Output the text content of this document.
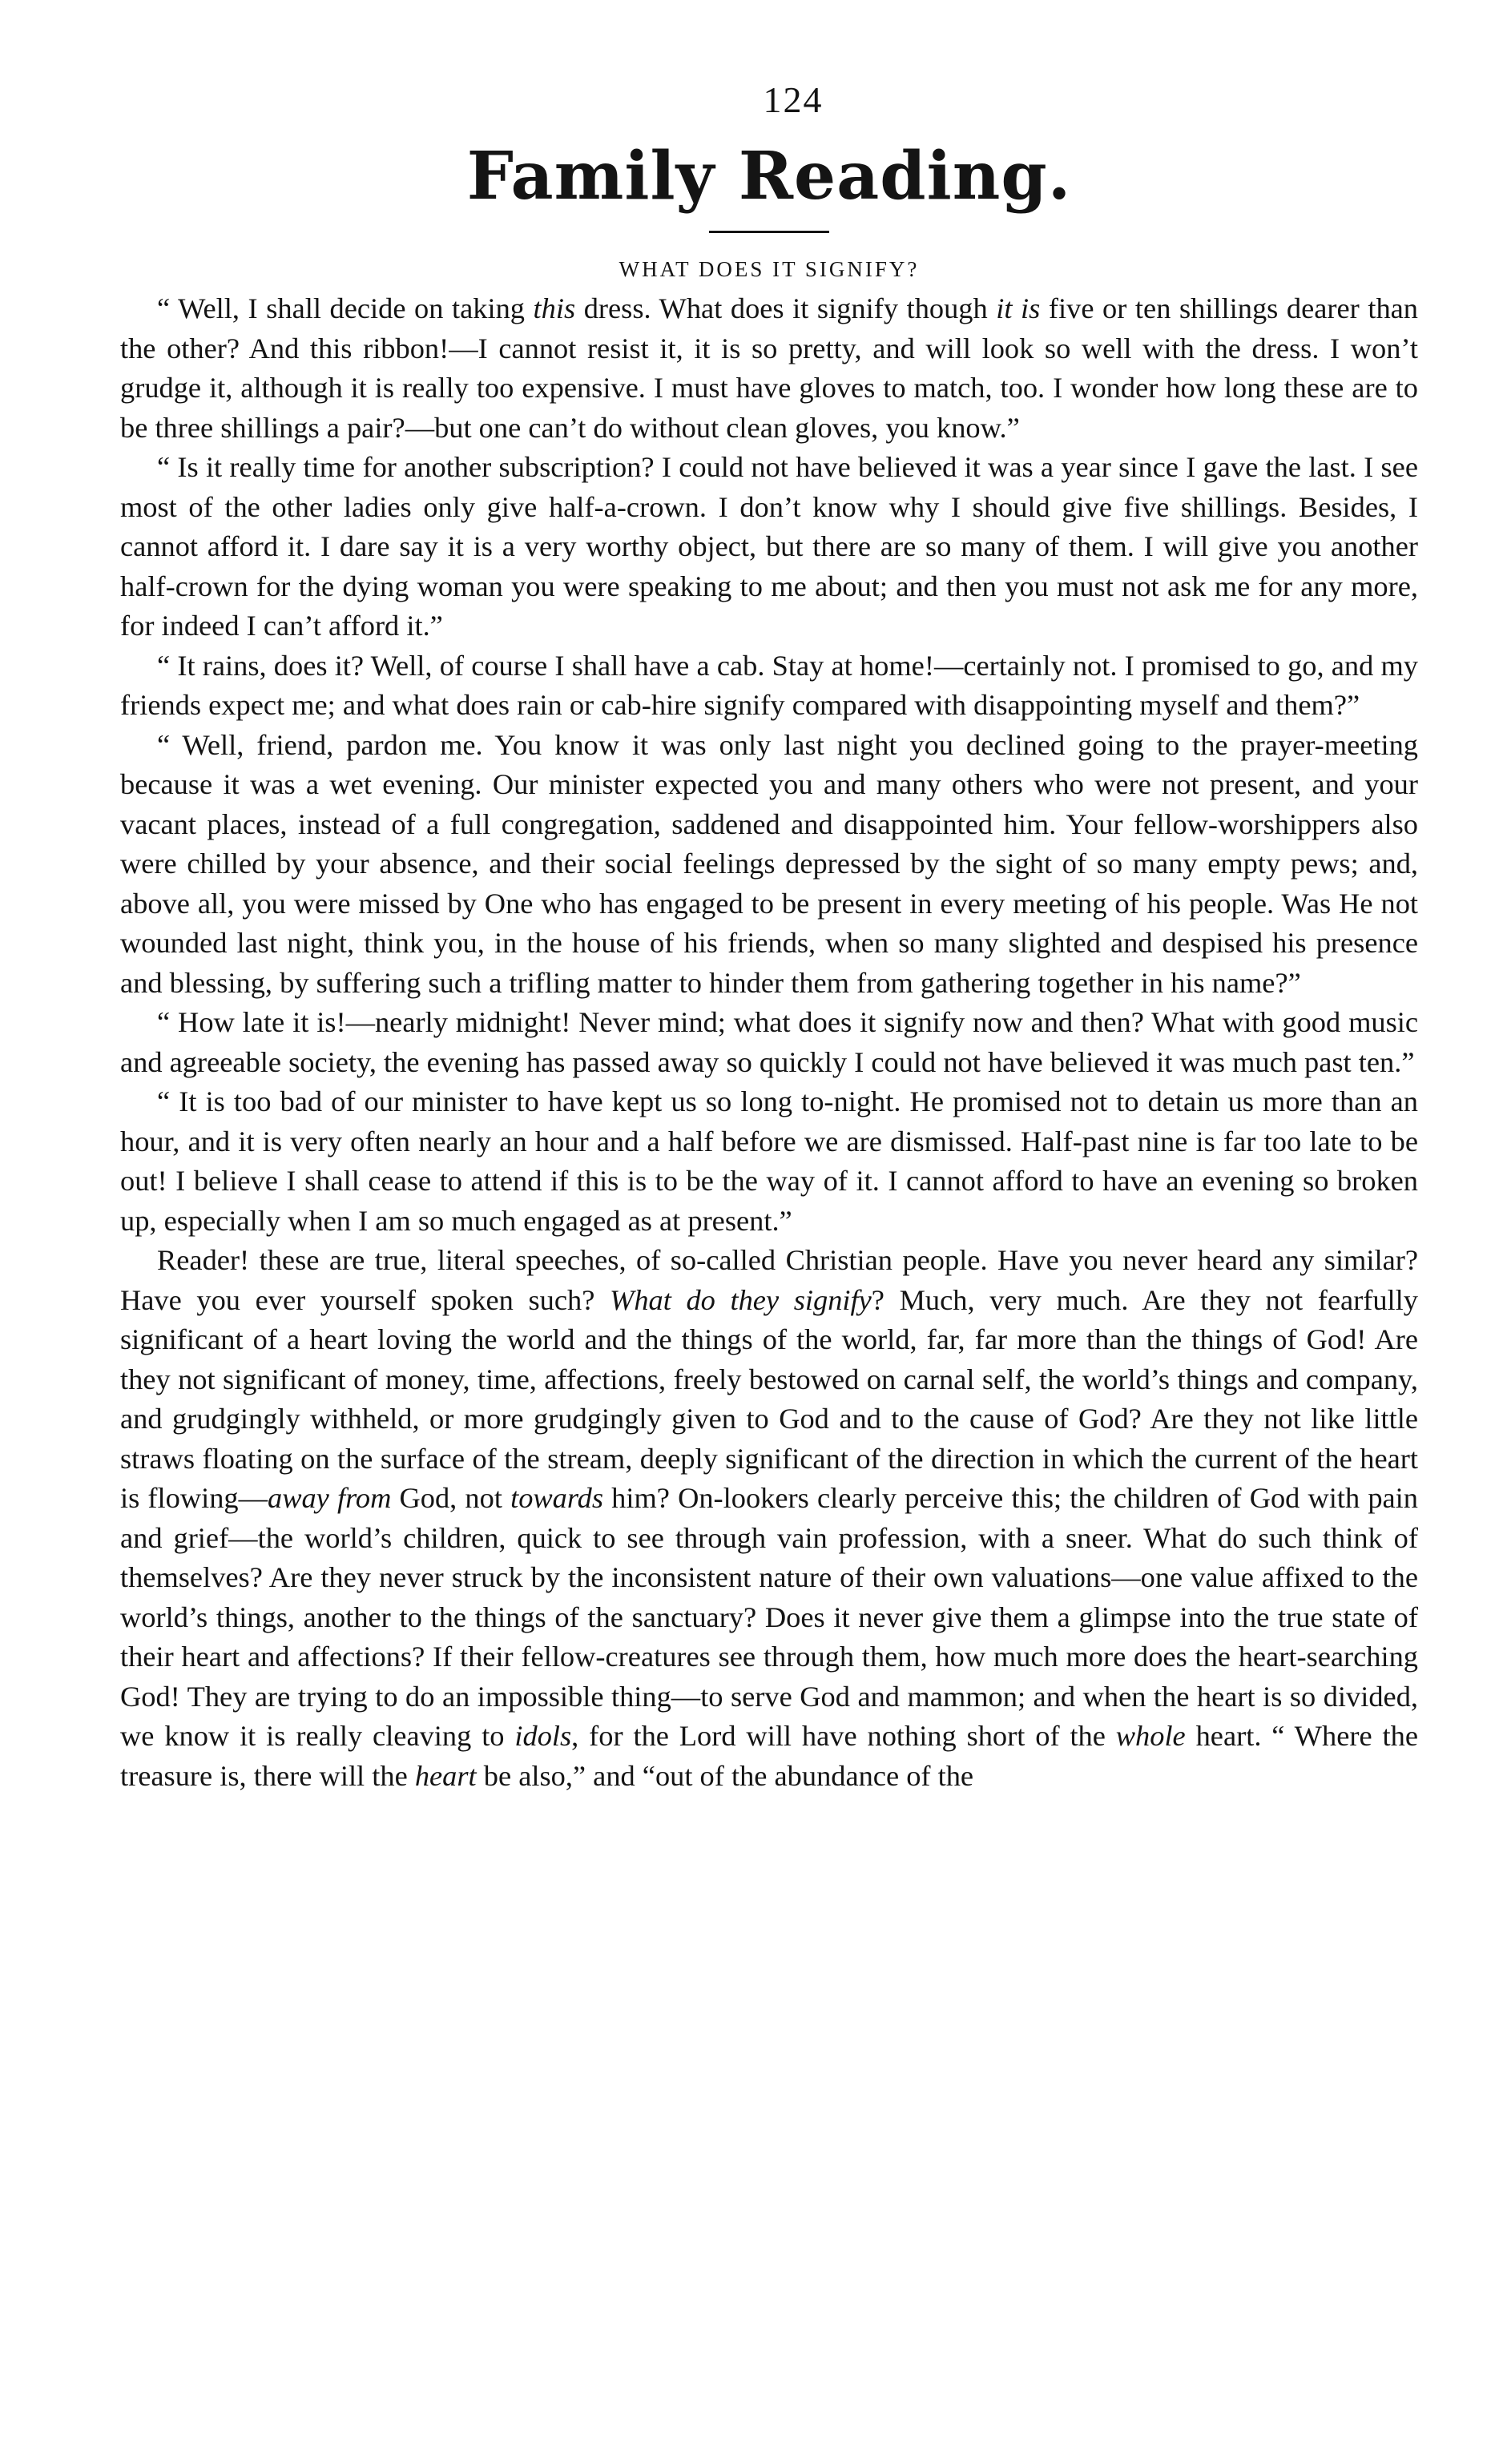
124
Family Reading.
WHAT DOES IT SIGNIFY?

“ Well, I shall decide on taking this dress. What does it signify though it is five or ten shillings dearer than the other? And this ribbon!—I cannot resist it, it is so pretty, and will look so well with the dress. I won’t grudge it, although it is really too expensive. I must have gloves to match, too. I wonder how long these are to be three shillings a pair?—but one can’t do without clean gloves, you know.”

“ Is it really time for another subscription? I could not have believed it was a year since I gave the last. I see most of the other ladies only give half-a-crown. I don’t know why I should give five shillings. Besides, I cannot afford it. I dare say it is a very worthy object, but there are so many of them. I will give you another half-crown for the dying woman you were speaking to me about; and then you must not ask me for any more, for indeed I can’t afford it.”

“ It rains, does it? Well, of course I shall have a cab. Stay at home!—certainly not. I promised to go, and my friends expect me; and what does rain or cab-hire signify compared with disappointing myself and them?”

“ Well, friend, pardon me. You know it was only last night you declined going to the prayer-meeting because it was a wet evening. Our minister expected you and many others who were not present, and your vacant places, instead of a full congregation, saddened and disappointed him. Your fellow-worshippers also were chilled by your absence, and their social feelings depressed by the sight of so many empty pews; and, above all, you were missed by One who has engaged to be present in every meeting of his people. Was He not wounded last night, think you, in the house of his friends, when so many slighted and despised his presence and blessing, by suffering such a trifling matter to hinder them from gathering together in his name?”

“ How late it is!—nearly midnight! Never mind; what does it signify now and then? What with good music and agreeable society, the evening has passed away so quickly I could not have believed it was much past ten.”

“ It is too bad of our minister to have kept us so long to-night. He promised not to detain us more than an hour, and it is very often nearly an hour and a half before we are dismissed. Half-past nine is far too late to be out! I believe I shall cease to attend if this is to be the way of it. I cannot afford to have an evening so broken up, especially when I am so much engaged as at present.”

Reader! these are true, literal speeches, of so-called Christian people. Have you never heard any similar? Have you ever yourself spoken such? What do they signify? Much, very much. Are they not fearfully significant of a heart loving the world and the things of the world, far, far more than the things of God! Are they not significant of money, time, affections, freely bestowed on carnal self, the world’s things and company, and grudgingly withheld, or more grudgingly given to God and to the cause of God? Are they not like little straws floating on the surface of the stream, deeply significant of the direction in which the current of the heart is flowing—away from God, not towards him? On-lookers clearly perceive this; the children of God with pain and grief—the world’s children, quick to see through vain profession, with a sneer. What do such think of themselves? Are they never struck by the inconsistent nature of their own valuations—one value affixed to the world’s things, another to the things of the sanctuary? Does it never give them a glimpse into the true state of their heart and affections? If their fellow-creatures see through them, how much more does the heart-searching God! They are trying to do an impossible thing—to serve God and mammon; and when the heart is so divided, we know it is really cleaving to idols, for the Lord will have nothing short of the whole heart. “ Where the treasure is, there will the heart be also,” and “out of the abundance of the
